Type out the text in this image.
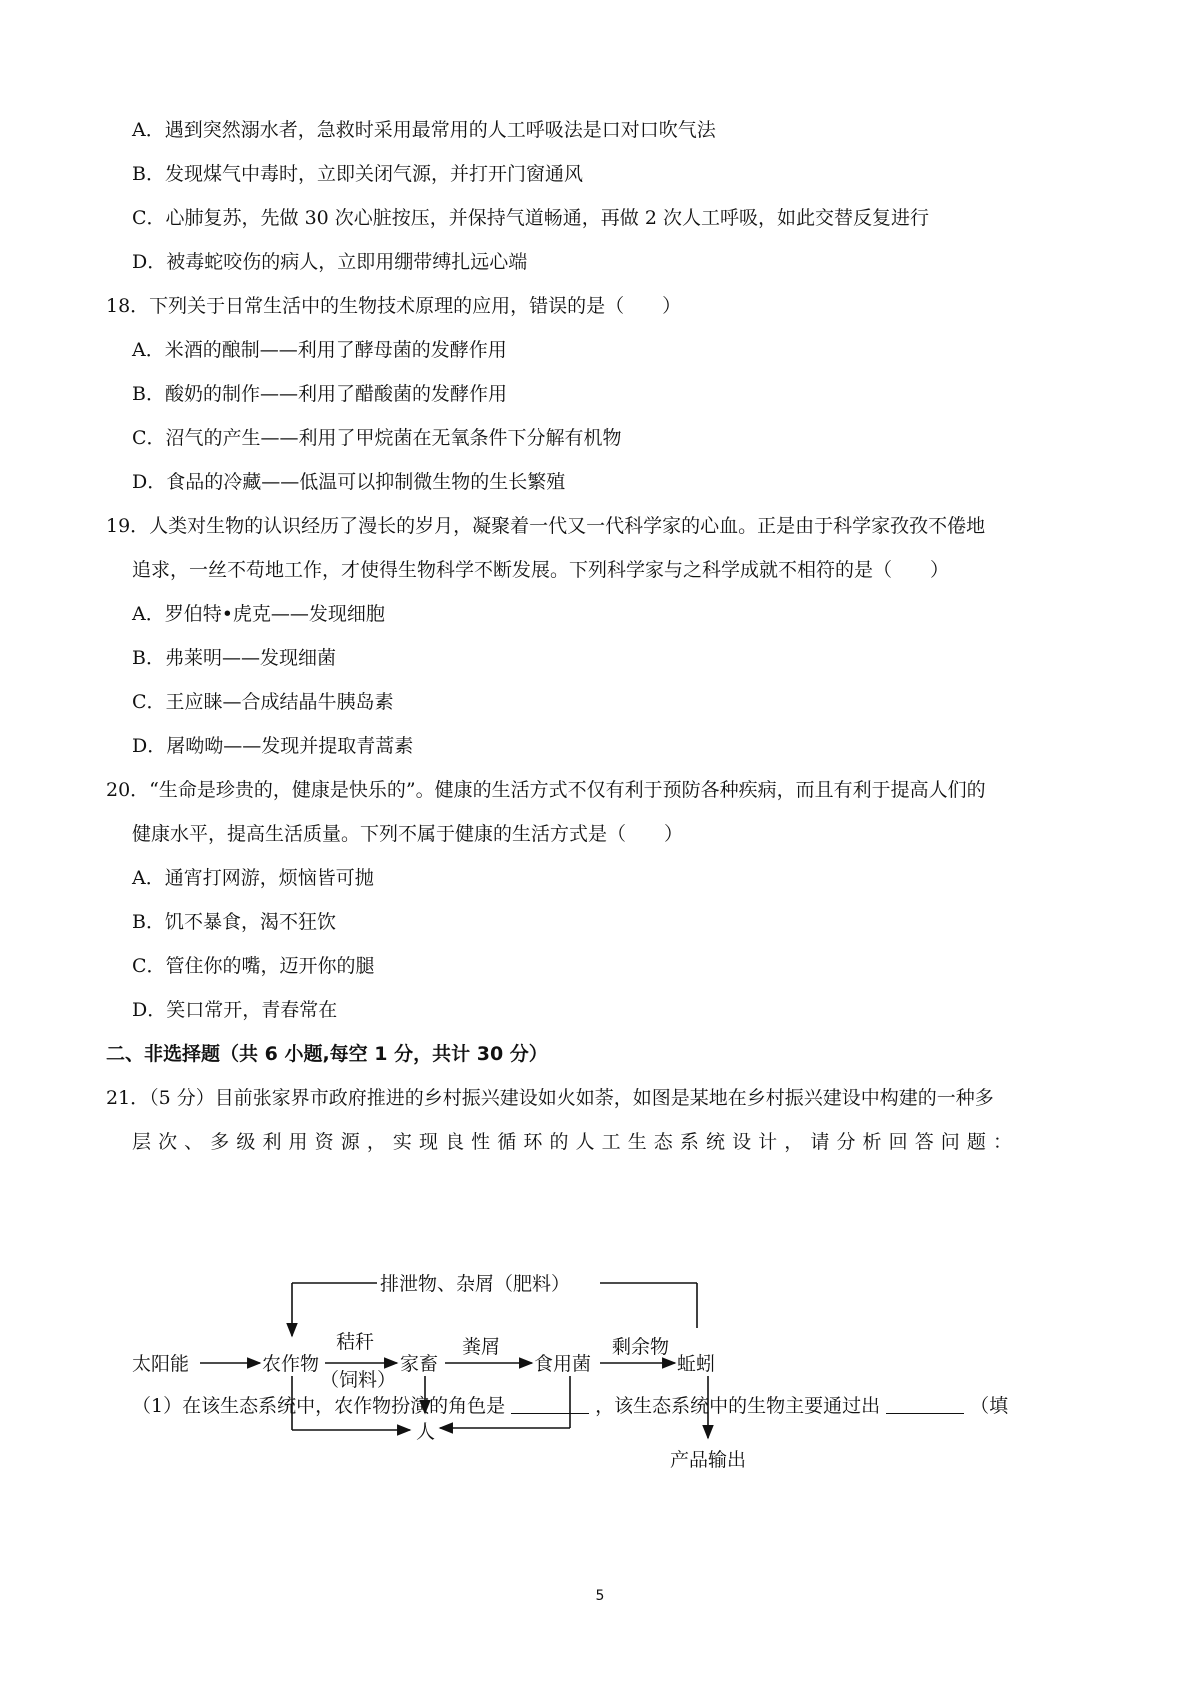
A．遇到突然溺水者，急救时采用最常用的人工呼吸法是口对口吹气法
B．发现煤气中毒时，立即关闭气源，并打开门窗通风
C．心肺复苏，先做 30 次心脏按压，并保持气道畅通，再做 2 次人工呼吸，如此交替反复进行
D．被毒蛇咬伤的病人，立即用绷带缚扎远心端
18．下列关于日常生活中的生物技术原理的应用，错误的是（　　）
A．米酒的酿制——利用了酵母菌的发酵作用
B．酸奶的制作——利用了醋酸菌的发酵作用
C．沼气的产生——利用了甲烷菌在无氧条件下分解有机物
D．食品的冷藏——低温可以抑制微生物的生长繁殖
19．人类对生物的认识经历了漫长的岁月，凝聚着一代又一代科学家的心血。正是由于科学家孜孜不倦地
追求，一丝不苟地工作，才使得生物科学不断发展。下列科学家与之科学成就不相符的是（　　）
A．罗伯特•虎克——发现细胞
B．弗莱明——发现细菌
C．王应睐—合成结晶牛胰岛素
D．屠呦呦——发现并提取青蒿素
20．“生命是珍贵的，健康是快乐的”。健康的生活方式不仅有利于预防各种疾病，而且有利于提高人们的
健康水平，提高生活质量。下列不属于健康的生活方式是（　　）
A．通宵打网游，烦恼皆可抛
B．饥不暴食，渴不狂饮
C．管住你的嘴，迈开你的腿
D．笑口常开，青春常在
二、非选择题（共 6 小题,每空 1 分，共计 30 分）
21．（5 分）目前张家界市政府推进的乡村振兴建设如火如荼，如图是某地在乡村振兴建设中构建的一种多
层次、多级利用资源，实现良性循环的人工生态系统设计，请分析回答问题：
排泄物、杂屑（肥料）
太阳能	农作物
秸秆
（饲料）
家畜
粪屑
食用菌
剩余物
蚯蚓
产品输出
人
（1）在该生态系统中，农作物扮演的角色是	，该生态系统中的生物主要通过出	（填
5
